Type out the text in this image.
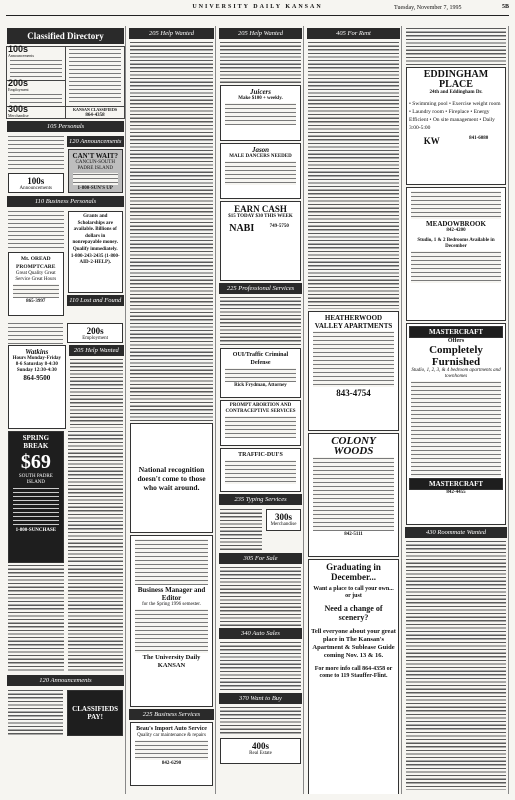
UNIVERSITY DAILY KANSAN	Tuesday, November 7, 1995	5B
Classified Directory
100s
Announcements

200s
Employment	

300s
Merchandise	KANSAN CLASSIFIEDS
864-4358
105 Personals
100s
Announcements
120 Announcements
CAN'T WAIT?
CANCUN-SOUTH PADRE ISLAND
1-800-SUN'S UP
110 Business Personals
Mt. OREAD PROMPTCARE
Great Quality Great Service Great Hours
865-3997
Grants and Scholarships are available. Billions of dollars in nonrepayable money. Qualify immediately. 1-800-243-2435 (1-800-AID-2-HELP).
110 Lost and Found
200s
Employment
Watkins
Hours Monday-Friday 8-6 Saturday 8-4:30 Sunday 12:30-4:30
864-9500
205 Help Wanted
SPRING BREAK
$69
SOUTH PADRE ISLAND
1-800-SUNCHASE
120 Announcements
CLASSIFIEDS PAY!
205 Help Wanted
National recognition doesn't come to those who wait around.
Business Manager and Editor
for the Spring 1996 semester.
The University Daily KANSAN
225 Business Services
Beau's Import Auto Service
Quality car maintenance & repairs
842-6290
205 Help Wanted
Juicers
Make $100 + weekly.
Jason
MALE DANCERS NEEDED
EARN CASH
$15 TODAY $30 THIS WEEK
NABI	749-5750
225 Professional Services
OUI/Traffic Criminal Defense
Rick Frydman, Attorney
PROMPT ABORTION AND CONTRACEPTIVE SERVICES
TRAFFIC-DUI'S
235 Typing Services
300s
Merchandise
305 For Sale
340 Auto Sales
370 Want to Buy
400s
Real Estate
405 For Rent
HEATHERWOOD VALLEY APARTMENTS
843-4754
COLONY WOODS
842-5111
Graduating in December...
Want a place to call your own... or just
Need a change of scenery?
Tell everyone about your great place in The Kansan's Apartment & Sublease Guide coming Nov. 13 & 16.
For more info call 864-4358 or come to 119 Stauffer-Flint.
EDDINGHAM PLACE
24th and Eddingham Dr.
• Swimming pool • Exercise weight room • Laundry room • Fireplace • Energy Efficient • On site management • Daily 3:00-5:00
KW	841-6080
MEADOWBROOK
842-4200
Studio, 1 & 2 Bedrooms Available in December
MASTERCRAFT
Offers
Completely Furnished
Studio, 1, 2, 3, & 4 bedroom apartments and townhomes
MASTERCRAFT
842-4455
430 Roommate Wanted
